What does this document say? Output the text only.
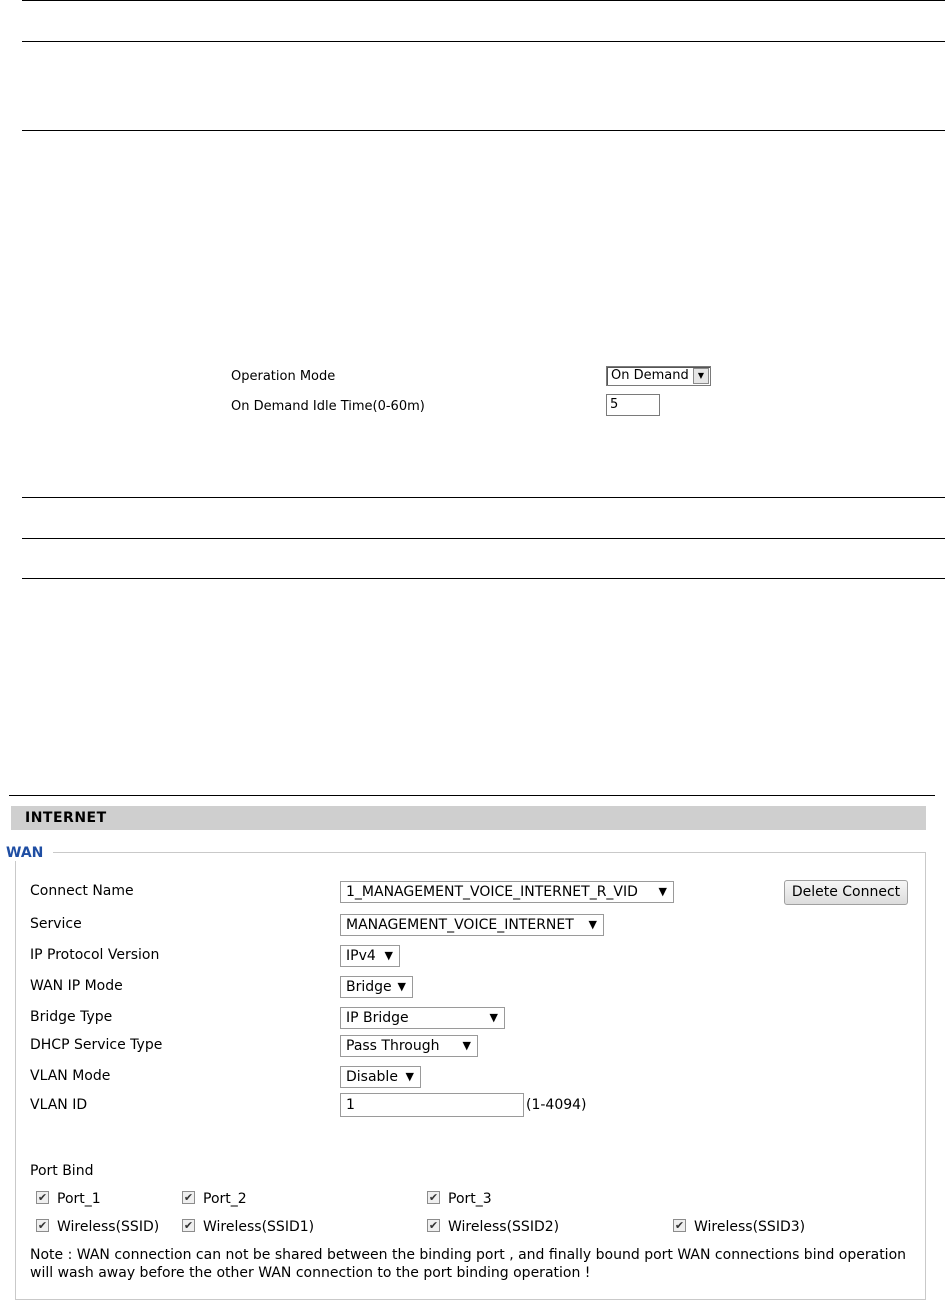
Operation Mode	On Demand	▼
On Demand Idle Time(0-60m)	5
INTERNET
WAN
Connect Name	1_MANAGEMENT_VOICE_INTERNET_R_VID ▼	Delete Connect
Service	MANAGEMENT_VOICE_INTERNET ▼
IP Protocol Version	IPv4 ▼
WAN IP Mode	Bridge ▼
Bridge Type	IP Bridge	▼
DHCP Service Type	Pass Through ▼
VLAN Mode	Disable ▼
VLAN ID	1	(1-4094)
Port Bind
✔ Port_1	✔ Port_2	✔ Port_3
✔ Wireless(SSID) ✔ Wireless(SSID1)	✔ Wireless(SSID2)	✔ Wireless(SSID3)
Note : WAN connection can not be shared between the binding port , and finally bound port WAN connections bind operation will wash away before the other WAN connection to the port binding operation !
